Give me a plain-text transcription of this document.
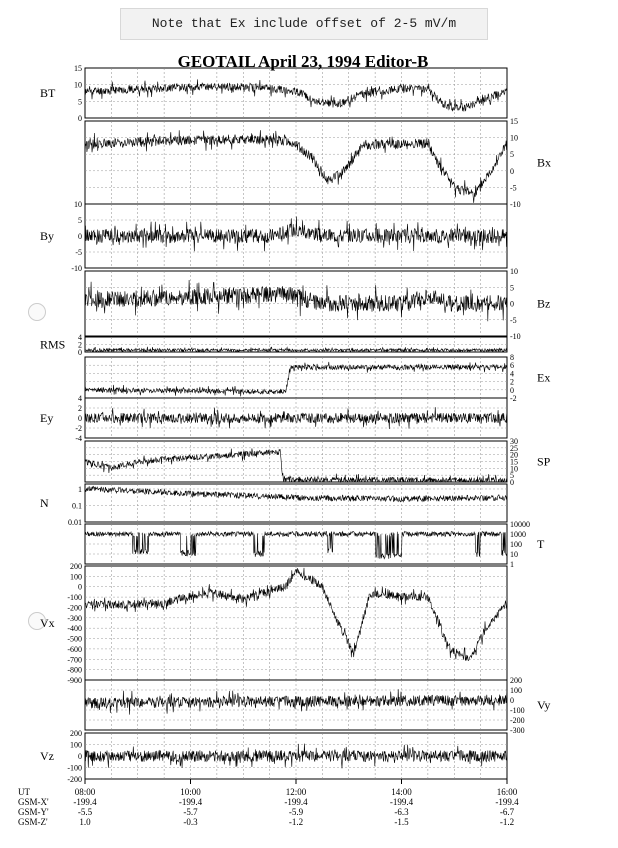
Note that Ex include offset of 2-5 mV/m
GEOTAIL April 23, 1994 Editor-B
0
5
10
15
BT
-10
-5
0
5
10
15
Bx
-10
-5
0
5
10
By
-10
-5
0
5
10
Bz
0
2
4
RMS
-2
0
2
4
6
8
Ex
-4
-2
0
2
4
Ey
0
5
10
15
20
25
30
SP
0.01
0.1
1
N
1
10
100
1000
10000
T
-900
-800
-700
-600
-500
-400
-300
-200
-100
0
100
200
Vx
-300
-200
-100
0
100
200
Vy
-200
-100
0
100
200
Vz
UT	08:00	10:00	12:00	14:00	16:00
GSM-X'	-199.4	-199.4	-199.4	-199.4	-199.4
GSM-Y'	-5.5	-5.7	-5.9	-6.3	-6.7
GSM-Z'	1.0	-0.3	-1.2	-1.5	-1.2
